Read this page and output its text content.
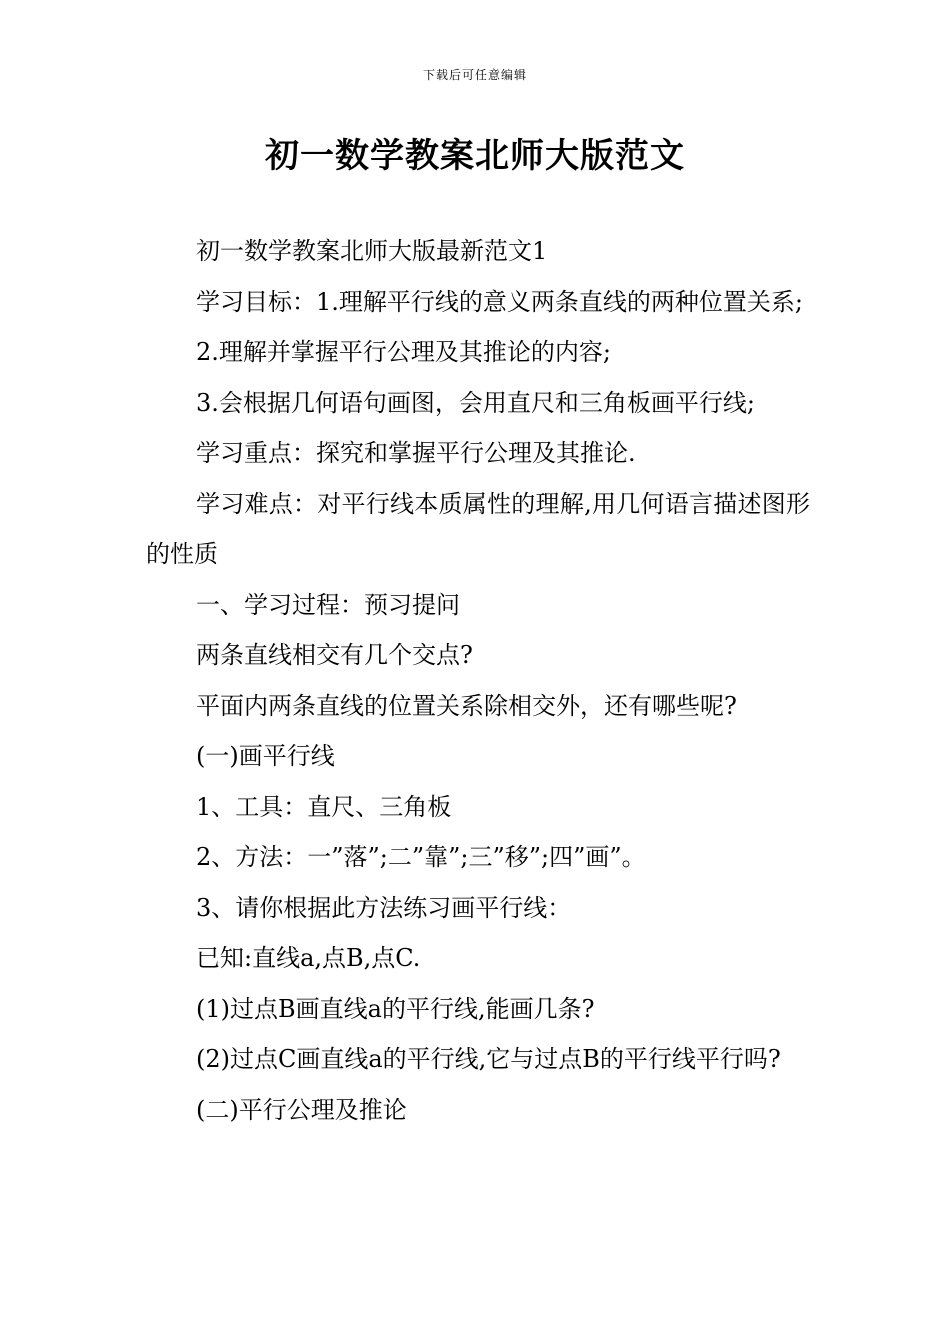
下载后可任意编辑
初一数学教案北师大版范文

初一数学教案北师大版最新范文1

学习目标：1.理解平行线的意义两条直线的两种位置关系;

2.理解并掌握平行公理及其推论的内容;

3.会根据几何语句画图，会用直尺和三角板画平行线;

学习重点：探究和掌握平行公理及其推论.

学习难点：对平行线本质属性的理解,用几何语言描述图形的性质

一、学习过程：预习提问

两条直线相交有几个交点?

平面内两条直线的位置关系除相交外，还有哪些呢?

(一)画平行线

1、工具：直尺、三角板

2、方法：一”落”;二”靠”;三”移”;四”画”。

3、请你根据此方法练习画平行线：

已知:直线a,点B,点C.

(1)过点B画直线a的平行线,能画几条?

(2)过点C画直线a的平行线,它与过点B的平行线平行吗?

(二)平行公理及推论
